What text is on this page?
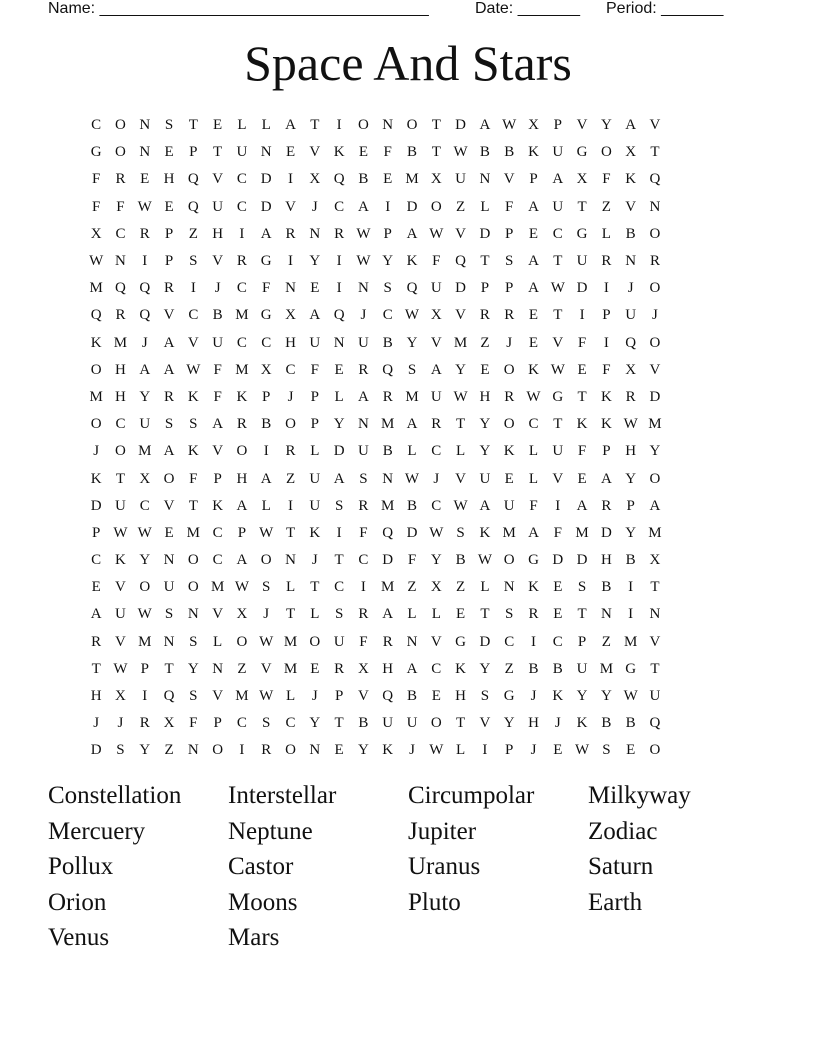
Name: _____________________________________	Date: _______ Period: _______
Space And Stars
C O N S	T	E	L	L A T	I	O N O T D A W X P V Y A V
G O N E	P	T U N E V K E	F	B T W B B K U G O X T
F	R E H Q V C D	I	X Q B E M X U N V P A X F K Q
F	F W E Q U C D V	J	C A	I	D O Z	L	F A U T	Z V N
X C R	P	Z H	I	A R N R W P A W V D P	E C G L B O
W N	I	P	S V R G	I	Y	I W Y K F Q T	S A T U R N R
M Q Q R	I	J	C	F N E	I	N S Q U D P	P A W D	I	J	O
Q R Q V C B M G X A Q	J	C W X V R R E	T	I	P U	J
K M J	A V U C C H U N U B Y V M Z	J	E V F	I	Q O
O H A A W F M X C	F	E R Q S A Y E O K W E	F X V
M H Y R K F K P	J	P	L A R M U W H R W G T K R D
O C U S	S A R B O P Y N M A R T Y O C T K K W M
J	O M A K V O	I	R L D U B L C L Y K L U F	P H Y
K T X O F	P H A Z U A S N W J	V U E	L V E A Y O
D U C V T K A L	I	U S	R M B C W A U F	I	A R	P A
P W W E M C	P W T K	I	F Q D W S K M A F M D Y M
C K Y N O C A O N	J	T C D F Y B W O G D D H B X
E V O U O M W S	L	T C	I	M Z X Z	L N K E	S	B	I	T
A U W S N V X	J	T	L	S	R A L	L	E	T	S	R E	T N	I	N
R V M N S	L O W M O U F	R N V G D C	I	C	P	Z M V
T W P	T Y N Z V M E R X H A C K Y Z B B U M G T
H X	I	Q S V M W L	J	P V Q B E H S G	J	K Y Y W U
J	J	R X F	P	C	S	C Y T B U U O T V Y H	J	K B B Q
D S Y Z N O	I	R O N E Y K	J W L	I	P	J	E W S	E O
Constellation	Interstellar	Circumpolar	Milkyway
Mercuery	Neptune	Jupiter	Zodiac
Pollux	Castor	Uranus	Saturn
Orion	Moons	Pluto	Earth
Venus	Mars
